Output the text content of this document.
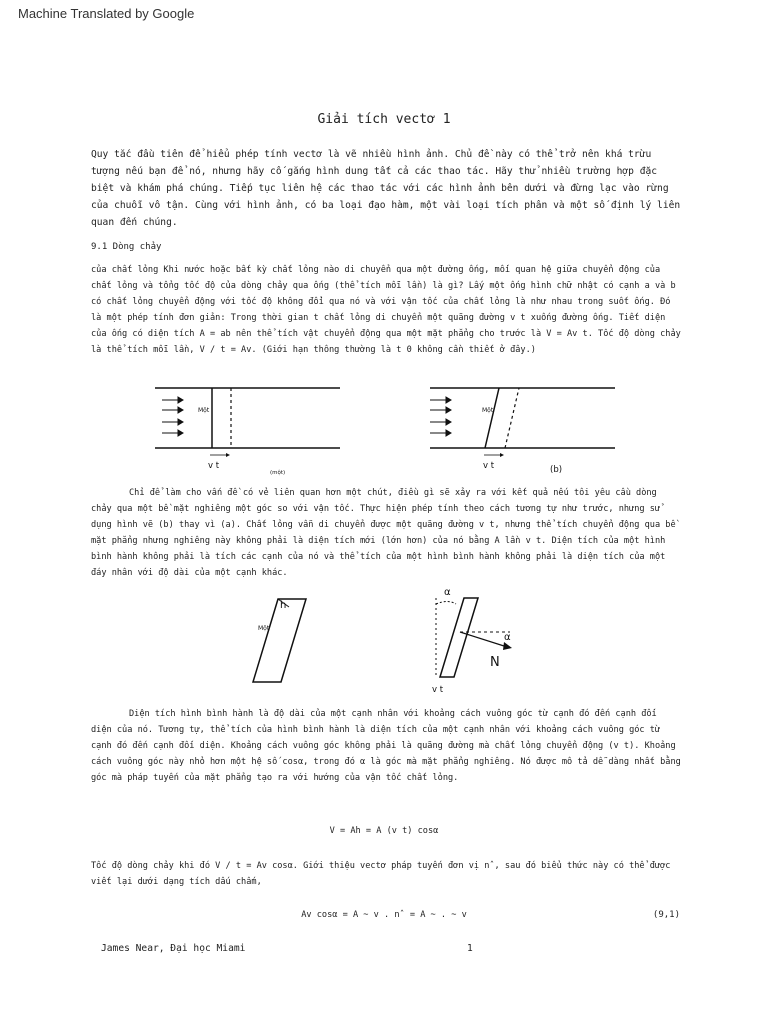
Machine Translated by Google
Giải tích vectơ 1

Quy tắc đầu tiên để hiểu phép tính vectơ là vẽ nhiều hình ảnh. Chủ đề này có thể trở nên khá trừu tượng nếu bạn để nó, nhưng hãy cố gắng hình dung tất cả các thao tác. Hãy thử nhiều trường hợp đặc biệt và khám phá chúng. Tiếp tục liên hệ các thao tác với các hình ảnh bên dưới và đừng lạc vào rừng của chuỗi vô tận. Cùng với hình ảnh, có ba loại đạo hàm, một vài loại tích phân và một số định lý liên quan đến chúng.

9.1 Dòng chảy

của chất lỏng Khi nước hoặc bất kỳ chất lỏng nào di chuyển qua một đường ống, mối quan hệ giữa chuyển động của chất lỏng và tổng tốc độ của dòng chảy qua ống (thể tích mỗi lần) là gì? Lấy một ống hình chữ nhật có cạnh a và b có chất lỏng chuyển động với tốc độ không đổi qua nó và với vận tốc của chất lỏng là như nhau trong suốt ống. Đó là một phép tính đơn giản: Trong thời gian t chất lỏng di chuyển một quãng đường v t xuống đường ống. Tiết diện của ống có diện tích A = ab nên thể tích vật chuyển động qua một mặt phẳng cho trước là V = Av t. Tốc độ dòng chảy là thể tích mỗi lần, V / t = Av. (Giới hạn thông thường là t 0 không cần thiết ở đây.)

Một
v t
(một)
Một
v t	(b)

Chỉ để làm cho vấn đề có vẻ liên quan hơn một chút, điều gì sẽ xảy ra với kết quả nếu tôi yêu cầu dòng chảy qua một bề mặt nghiêng một góc so với vận tốc. Thực hiện phép tính theo cách tương tự như trước, nhưng sử dụng hình vẽ (b) thay vì (a). Chất lỏng vẫn di chuyển được một quãng đường v t, nhưng thể tích chuyển động qua bề mặt phẳng nhưng nghiêng này không phải là diện tích mới (lớn hơn) của nó bằng A lần v t. Diện tích của một hình bình hành không phải là tích các cạnh của nó và thể tích của một hình bình hành không phải là diện tích của một đáy nhân với độ dài của một cạnh khác.

h
Một
α
α
N
v t

Diện tích hình bình hành là độ dài của một cạnh nhân với khoảng cách vuông góc từ cạnh đó đến cạnh đối diện của nó. Tương tự, thể tích của hình bình hành là diện tích của một cạnh nhân với khoảng cách vuông góc từ cạnh đó đến cạnh đối diện. Khoảng cách vuông góc không phải là quãng đường mà chất lỏng chuyển động (v t). Khoảng cách vuông góc này nhỏ hơn một hệ số cosα, trong đó α là góc mà mặt phẳng nghiêng. Nó được mô tả dễ dàng nhất bằng góc mà pháp tuyến của mặt phẳng tạo ra với hướng của vận tốc chất lỏng.

V = Ah = A (v t) cosα

Tốc độ dòng chảy khi đó V / t = Av cosα. Giới thiệu vectơ pháp tuyến đơn vị nˆ, sau đó biểu thức này có thể được viết lại dưới dạng tích dấu chấm,

Av cosα = A ~ v . nˆ = A ~ . ~ v	(9,1)
James Near, Đại học Miami	1
